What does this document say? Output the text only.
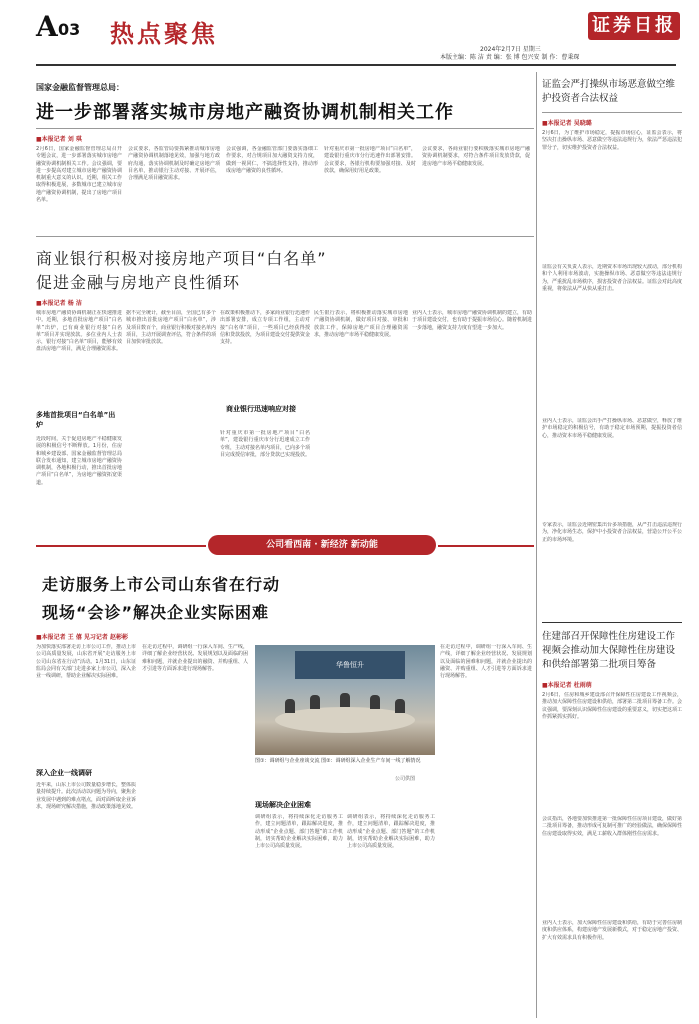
A 03 热点聚焦
2024年2月7日 星期三
本版主编：陈 洁 责 编：张 博 包兴安 制 作：曹秉琛
证券日报
国家金融监督管理总局：
进一步部署落实城市房地产融资协调机制相关工作
■本报记者 刘 琪
2月6日，国家金融监督管理总局召开专题会议，进一步部署落实城市房地产融资协调机制相关工作。会议强调，要进一步提高对建立城市房地产融资协调机制重大意义的认识。近期，相关工作取得积极进展，多数城市已建立城市房地产融资协调机制，提出了房地产项目名单。
会议要求，各监管局要抓紧推动城市房地产融资协调机制落地见效，加强与地方政府沟通，落实协调机制及时确定房地产项目名单，推动银行主动对接、开展评估，合理满足项目融资需求。
会议强调，各金融监管部门要落实落细工作要求，对合规项目加大融资支持力度，做到一视同仁，不搞选择性支持，推动形成房地产融资的良性循环。
针对重庆市第一批房地产项目“白名单”，建设银行重庆市分行迅速作出部署安排。会议要求，各银行机构要加强对接、及时放款，确保用好用足政策。
会议要求，各商业银行要积极落实城市房地产融资协调机制要求，对符合条件项目发放贷款，促进房地产市场平稳健康发展。
商业银行积极对接房地产项目“白名单”
促进金融与房地产良性循环
■本报记者 杨 洁
城市房地产融资协调机制正在快速推进中。近期，多地首批房地产项目“白名单”出炉，已有商业银行对接“白名单”项目并实现放款。多位业内人士表示，银行对接“白名单”项目，能够有效盘活房地产项目，满足合理融资需求。
多地首批项目“白名单”出炉
近段时间，关于促进房地产平稳健康发展的积极信号不断释放。1月份，住房和城乡建设部、国家金融监督管理总局联合发布通知，建立城市房地产融资协调机制，各地积极行动，推出首批房地产项目“白名单”，为房地产融资拓宽渠道。
据不完全统计，截至目前，全国已有多个城市推出首批房地产项目“白名单”，涉及项目数百个，商业银行积极对接名单内项目，主动开展调查评估，符合条件的项目加快审批放款。
在政策积极推动下，多家商业银行迅速作出部署安排，成立专项工作组，主动对接“白名单”项目，一些项目已经获得授信和贷款投放，为项目建设交付提供资金支持。
商业银行迅速响应对接
针对重庆市第一批房地产项目“白名单”，建设银行重庆市分行迅速成立工作专班，主动对接名单内项目，已向多个项目完成授信审批，部分贷款已实现投放。
民生银行表示，将积极推动落实城市房地产融资协调机制，做好项目对接、审批和放款工作，保障房地产项目合理融资需求，推动房地产市场平稳健康发展。
业内人士表示，城市房地产融资协调机制的建立，有助于项目建设交付，也有助于提振市场信心。随着机制进一步落地，融资支持力度有望进一步加大。
公司看西南 · 新经济 新动能
走访服务上市公司山东省在行动
现场“会诊”解决企业实际困难
■本报记者 王 僖 见习记者 赵彬彬
为加快落实部署走访上市公司工作，推动上市公司高质量发展，山东省开展“走访服务上市公司山东省在行动”活动。1月31日，山东证监局会同有关部门走进多家上市公司，深入企业一线调研，帮助企业解决实际困难。
深入企业一线调研
近年来，山东上市公司数量稳步增长，整体质量持续提升。此次活动以问题为导向，聚焦企业发展中遇到的难点堵点，面对面听取企业诉求，现场研究解决措施，推动政策落地见效。
在走访过程中，调研组一行深入车间、生产线，详细了解企业经营状况、发展规划以及面临的困难和问题，并就企业提出的融资、并购重组、人才引进等方面诉求进行现场解答。	华鲁恒升
图①：调研组与企业座谈交流 图②：调研组深入企业生产车间一线了解情况
公司供图
现场解决企业困难
调研组表示，将持续深化走访服务工作，建立问题清单，跟踪解决进度，推动形成“企业点题、部门答题”的工作机制，切实帮助企业解决实际困难，助力上市公司高质量发展。
调研组表示，将持续深化走访服务工作，建立问题清单，跟踪解决进度，推动形成“企业点题、部门答题”的工作机制，切实帮助企业解决实际困难，助力上市公司高质量发展。
在走访过程中，调研组一行深入车间、生产线，详细了解企业经营状况、发展规划以及面临的困难和问题，并就企业提出的融资、并购重组、人才引进等方面诉求进行现场解答。
证监会严打操纵市场恶意做空维护投资者合法权益
■本报记者 吴晓璐
2月6日，为了维护市场稳定，提振市场信心，证监会表示，将坚决打击操纵市场、恶意做空等违法违规行为，依法严惩违法犯罪分子，切实维护投资者合法权益。
证监会有关负责人表示，近期资本市场出现较大波动，部分机构和个人利用市场波动，实施操纵市场、恶意做空等违法违规行为，严重扰乱市场秩序，损害投资者合法权益。证监会对此高度重视，将依法从严从快从重打击。
业内人士表示，证监会出手严打操纵市场、恶意做空，释放了维护市场稳定的积极信号，有助于稳定市场预期，提振投资者信心，推动资本市场平稳健康发展。
专家表示，证监会近期密集出台多项措施，从严打击违法违规行为，净化市场生态，保护中小投资者合法权益，营造公开公平公正的市场环境。
住建部召开保障性住房建设工作视频会推动加大保障性住房建设和供给部署第二批项目筹备
■本报记者 杜雨萌
2月6日，住房和城乡建设部召开保障性住房建设工作视频会，推动加大保障性住房建设和供给，部署第二批项目筹备工作。会议强调，要深刻认识保障性住房建设的重要意义，切实把这项工作抓紧抓实抓好。
会议指出，各地要加快推进第一批保障性住房项目建设，做好第二批项目筹备，推动形成可复制可推广的经验做法，确保保障性住房建设取得实效，满足工薪收入群体刚性住房需求。
业内人士表示，加大保障性住房建设和供给，有助于完善住房制度和供应体系，构建房地产发展新模式，对于稳定房地产投资、扩大有效需求具有积极作用。
